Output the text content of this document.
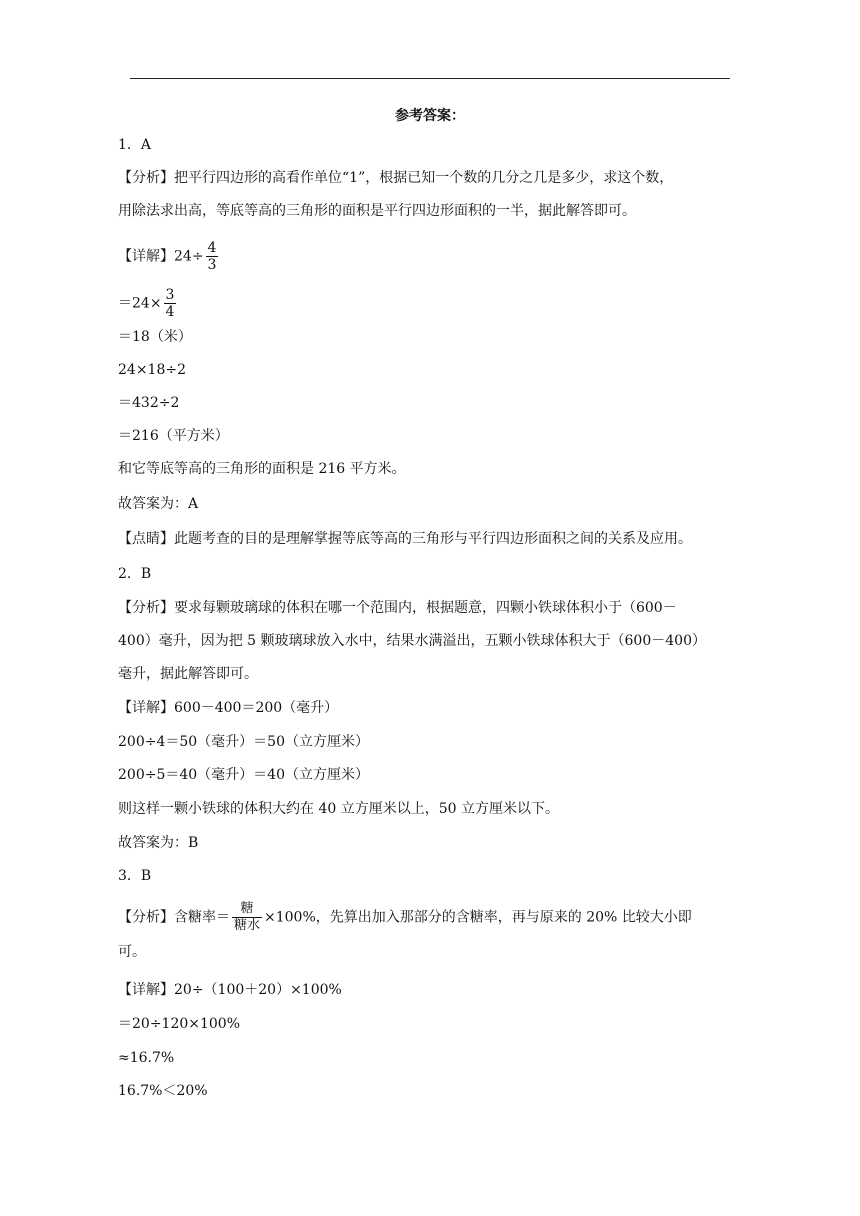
参考答案：
1．A
【分析】把平行四边形的高看作单位“1”，根据已知一个数的几分之几是多少，求这个数，
用除法求出高，等底等高的三角形的面积是平行四边形面积的一半，据此解答即可。
【详解】$24\div \frac{4}{3}$
$=24\times \frac{3}{4}$
＝18（米）
24×18÷2
＝432÷2
＝216（平方米）
和它等底等高的三角形的面积是 216 平方米。
故答案为：A
【点睛】此题考查的目的是理解掌握等底等高的三角形与平行四边形面积之间的关系及应用。
2．B
【分析】要求每颗玻璃球的体积在哪一个范围内，根据题意，四颗小铁球体积小于（600－
400）毫升，因为把 5 颗玻璃球放入水中，结果水满溢出，五颗小铁球体积大于（600－400）
毫升，据此解答即可。
【详解】600－400＝200（毫升）
200÷4＝50（毫升）＝50（立方厘米）
200÷5＝40（毫升）＝40（立方厘米）
则这样一颗小铁球的体积大约在 40 立方厘米以上，50 立方厘米以下。
故答案为：B
3．B
【分析】含糖率＝ $\frac{\text{糖}}{\text{糖水}} \times 100\%$，先算出加入那部分的含糖率，再与原来的 20% 比较大小即
可。
【详解】20÷（100＋20）×100%
＝20÷120×100%
≈16.7%
16.7%＜20%
